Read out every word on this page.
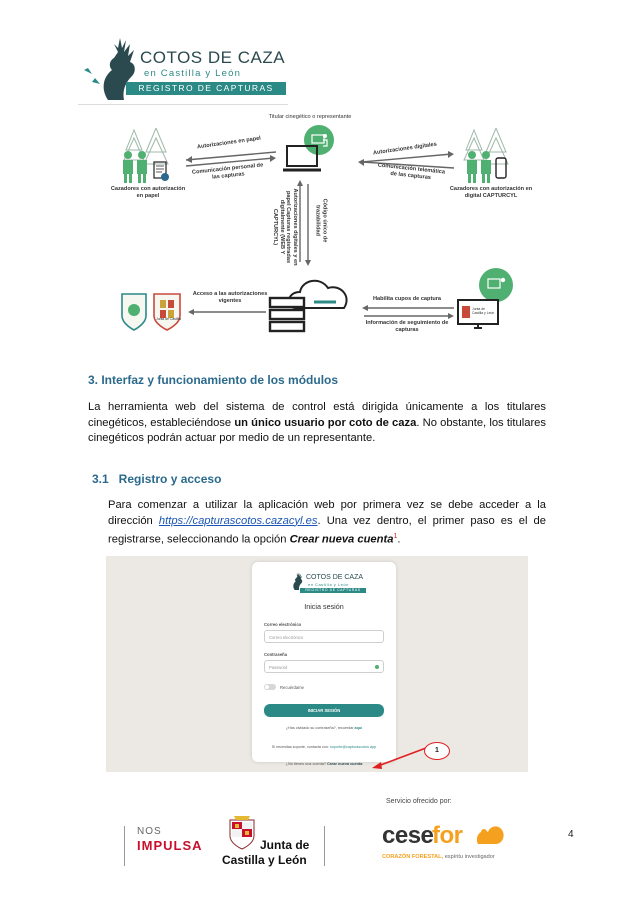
COTOS DE CAZA
en Castilla y León
REGISTRO DE CAPTURAS
Titular cinegético o representante
Cazadores con autorización en papel
Autorizaciones en papel
Comunicación personal de las capturas
Autorizaciones digitales
Comunicación telemática de las capturas
Cazadores con autorización en digital CAPTURCYL
Autorizaciones digitales y en papel Capturas registradas digitalmente (WEB Y CAPTURCYL)	Código único de trazabilidad
Junta de Castilla
Acceso a las autorizaciones vigentes	Habilita cupos de captura
Información de seguimiento de capturas
Junta de Castilla y León
3. Interfaz y funcionamiento de los módulos
La herramienta web del sistema de control está dirigida únicamente a los titulares cinegéticos, estableciéndose un único usuario por coto de caza. No obstante, los titulares cinegéticos podrán actuar por medio de un representante.
3.1   Registro y acceso
Para comenzar a utilizar la aplicación web por primera vez se debe acceder a la dirección https://capturascotos.cazacyl.es. Una vez dentro, el primer paso es el de registrarse, seleccionando la opción Crear nueva cuenta$^1$.
COTOS DE CAZA
en Castilla y León
REGISTRO DE CAPTURAS
Inicia sesión
Correo electrónico
Correo electrónico
Contraseña
Password
Recuérdame
INICIAR SESIÓN
¿Has olvidado su contraseña?, recuerdar aquí
Si necesitas soporte, contacta con: soporte@capturascotos.app
¿No tienes una cuenta? Crear nueva cuenta
1
Servicio ofrecido por:
NOS
IMPULSA	Junta de
Castilla y León
cese
for
CORAZÓN FORESTAL, espíritu investigador
4
